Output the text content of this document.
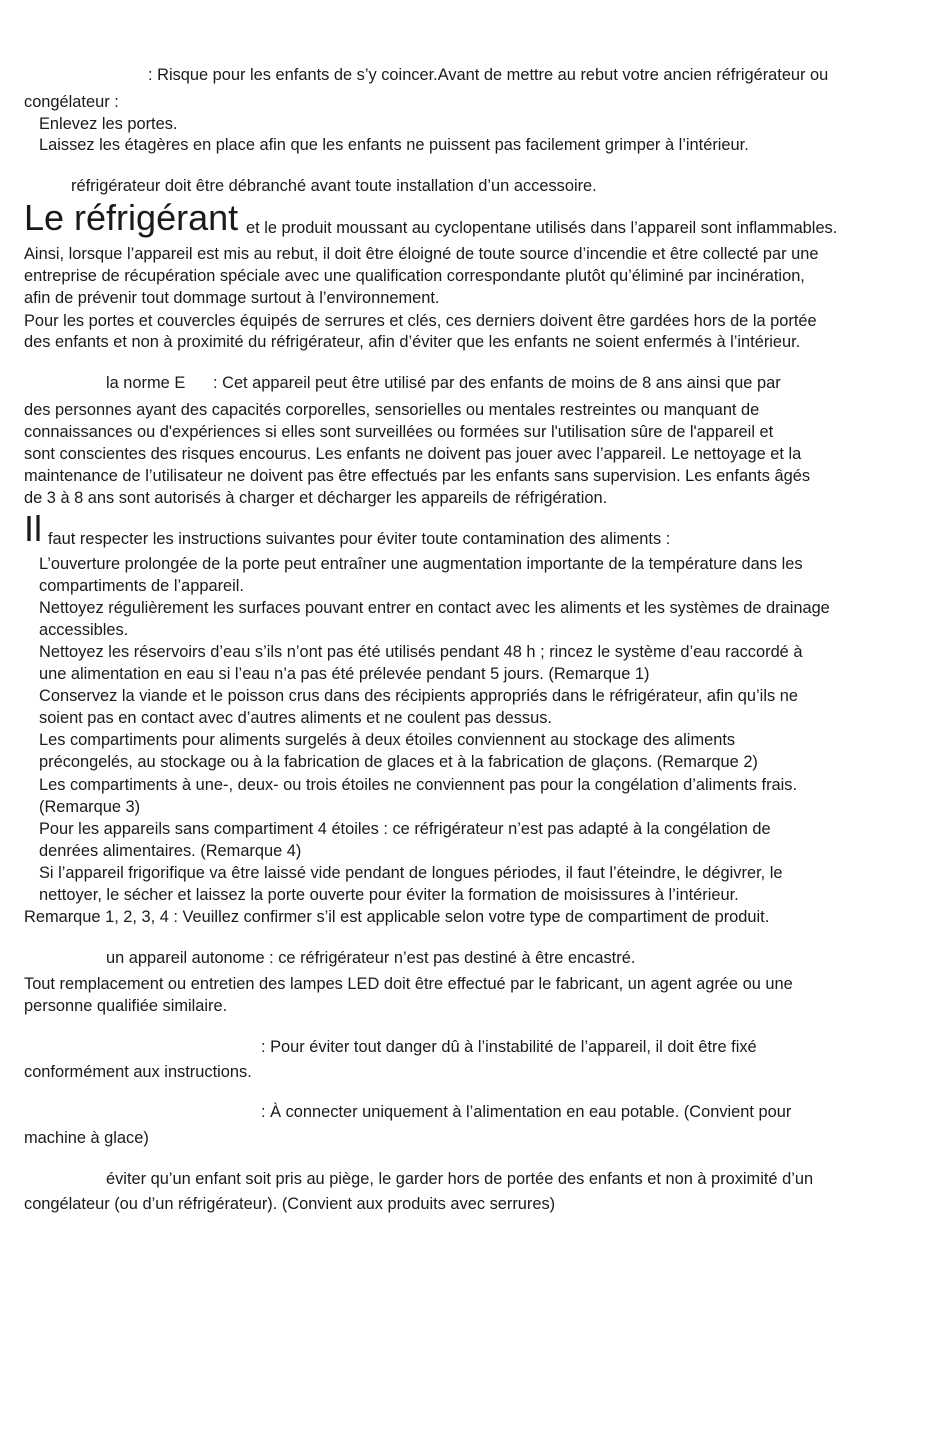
: Risque pour les enfants de s’y coincer.Avant de mettre au rebut votre ancien réfrigérateur ou
congélateur :
Enlevez les portes.
Laissez les étagères en place afin que les enfants ne puissent pas facilement grimper à l’intérieur.
réfrigérateur doit être débranché avant toute installation d’un accessoire.
Le réfrigérant et le produit moussant au cyclopentane utilisés dans l’appareil sont inflammables.
Ainsi, lorsque l’appareil est mis au rebut, il doit être éloigné de toute source d’incendie et être collecté par une
entreprise de récupération spéciale avec une qualification correspondante plutôt qu’éliminé par incinération,
afin de prévenir tout dommage surtout à l’environnement.
Pour les portes et couvercles équipés de serrures et clés, ces derniers doivent être gardées hors de la portée
des enfants et non à proximité du réfrigérateur, afin d’éviter que les enfants ne soient enfermés à l’intérieur.
la norme E : Cet appareil peut être utilisé par des enfants de moins de 8 ans ainsi que par
des personnes ayant des capacités corporelles, sensorielles ou mentales restreintes ou manquant de
connaissances ou d'expériences si elles sont surveillées ou formées sur l'utilisation sûre de l'appareil et
sont conscientes des risques encourus. Les enfants ne doivent pas jouer avec l’appareil. Le nettoyage et la
maintenance de l’utilisateur ne doivent pas être effectués par les enfants sans supervision. Les enfants âgés
de 3 à 8 ans sont autorisés à charger et décharger les appareils de réfrigération.
Il faut respecter les instructions suivantes pour éviter toute contamination des aliments :
L’ouverture prolongée de la porte peut entraîner une augmentation importante de la température dans les
compartiments de l’appareil.
Nettoyez régulièrement les surfaces pouvant entrer en contact avec les aliments et les systèmes de drainage
accessibles.
Nettoyez les réservoirs d’eau s’ils n’ont pas été utilisés pendant 48 h ; rincez le système d’eau raccordé à
une alimentation en eau si l’eau n’a pas été prélevée pendant 5 jours. (Remarque 1)
Conservez la viande et le poisson crus dans des récipients appropriés dans le réfrigérateur, afin qu’ils ne
soient pas en contact avec d’autres aliments et ne coulent pas dessus.
Les compartiments pour aliments surgelés à deux étoiles conviennent au stockage des aliments
précongelés, au stockage ou à la fabrication de glaces et à la fabrication de glaçons. (Remarque 2)
Les compartiments à une-, deux- ou trois étoiles ne conviennent pas pour la congélation d’aliments frais.
(Remarque 3)
Pour les appareils sans compartiment 4 étoiles : ce réfrigérateur n’est pas adapté à la congélation de
denrées alimentaires. (Remarque 4)
Si l’appareil frigorifique va être laissé vide pendant de longues périodes, il faut l’éteindre, le dégivrer, le
nettoyer, le sécher et laissez la porte ouverte pour éviter la formation de moisissures à l’intérieur.
Remarque 1, 2, 3, 4 : Veuillez confirmer s’il est applicable selon votre type de compartiment de produit.
un appareil autonome : ce réfrigérateur n’est pas destiné à être encastré.
Tout remplacement ou entretien des lampes LED doit être effectué par le fabricant, un agent agrée ou une
personne qualifiée similaire.
: Pour éviter tout danger dû à l’instabilité de l’appareil, il doit être fixé
conformément aux instructions.
: À connecter uniquement à l’alimentation en eau potable. (Convient pour
machine à glace)
éviter qu’un enfant soit pris au piège, le garder hors de portée des enfants et non à proximité d’un
congélateur (ou d’un réfrigérateur). (Convient aux produits avec serrures)
